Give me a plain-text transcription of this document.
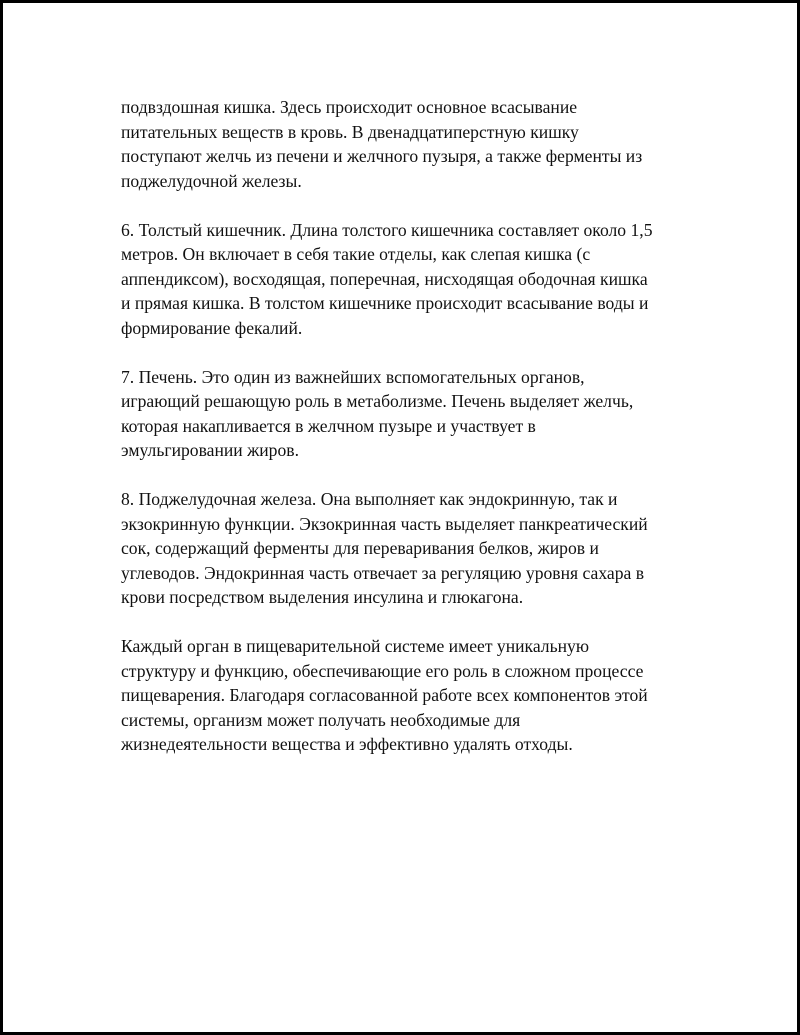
подвздошная кишка. Здесь происходит основное всасывание
питательных веществ в кровь. В двенадцатиперстную кишку
поступают желчь из печени и желчного пузыря, а также ферменты из
поджелудочной железы.

6. Толстый кишечник. Длина толстого кишечника составляет около 1,5
метров. Он включает в себя такие отделы, как слепая кишка (с
аппендиксом), восходящая, поперечная, нисходящая ободочная кишка
и прямая кишка. В толстом кишечнике происходит всасывание воды и
формирование фекалий.

7. Печень. Это один из важнейших вспомогательных органов,
играющий решающую роль в метаболизме. Печень выделяет желчь,
которая накапливается в желчном пузыре и участвует в
эмульгировании жиров.

8. Поджелудочная железа. Она выполняет как эндокринную, так и
экзокринную функции. Экзокринная часть выделяет панкреатический
сок, содержащий ферменты для переваривания белков, жиров и
углеводов. Эндокринная часть отвечает за регуляцию уровня сахара в
крови посредством выделения инсулина и глюкагона.

Каждый орган в пищеварительной системе имеет уникальную
структуру и функцию, обеспечивающие его роль в сложном процессе
пищеварения. Благодаря согласованной работе всех компонентов этой
системы, организм может получать необходимые для
жизнедеятельности вещества и эффективно удалять отходы.
